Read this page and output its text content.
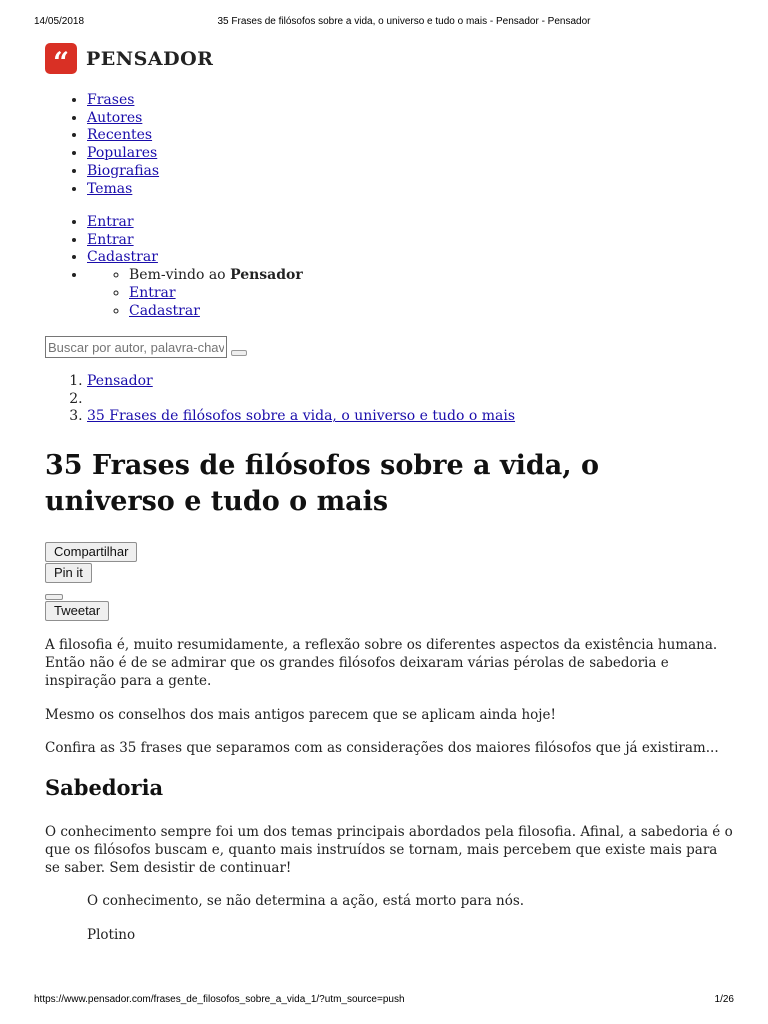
14/05/2018	35 Frases de filósofos sobre a vida, o universo e tudo o mais - Pensador - Pensador
“ PENSADOR
• Frases
• Autores
• Recentes
• Populares
• Biografias
• Temas
• Entrar
• Entrar
• Cadastrar
◦ • Bem-vindo ao Pensador
◦ Entrar
◦ Cadastrar
Buscar por autor, palavra-chave...
1. Pensador
2.
3. 35 Frases de filósofos sobre a vida, o universo e tudo o mais
35 Frases de filósofos sobre a vida, o universo e tudo o mais
Compartilhar
Pin it
Tweetar

A filosofia é, muito resumidamente, a reflexão sobre os diferentes aspectos da existência humana. Então não é de se admirar que os grandes filósofos deixaram várias pérolas de sabedoria e inspiração para a gente.

Mesmo os conselhos dos mais antigos parecem que se aplicam ainda hoje!

Confira as 35 frases que separamos com as considerações dos maiores filósofos que já existiram...

Sabedoria

O conhecimento sempre foi um dos temas principais abordados pela filosofia. Afinal, a sabedoria é o que os filósofos buscam e, quanto mais instruídos se tornam, mais percebem que existe mais para se saber. Sem desistir de continuar!

O conhecimento, se não determina a ação, está morto para nós.

Plotino

https://www.pensador.com/frases_de_filosofos_sobre_a_vida_1/?utm_source=push	1/26
